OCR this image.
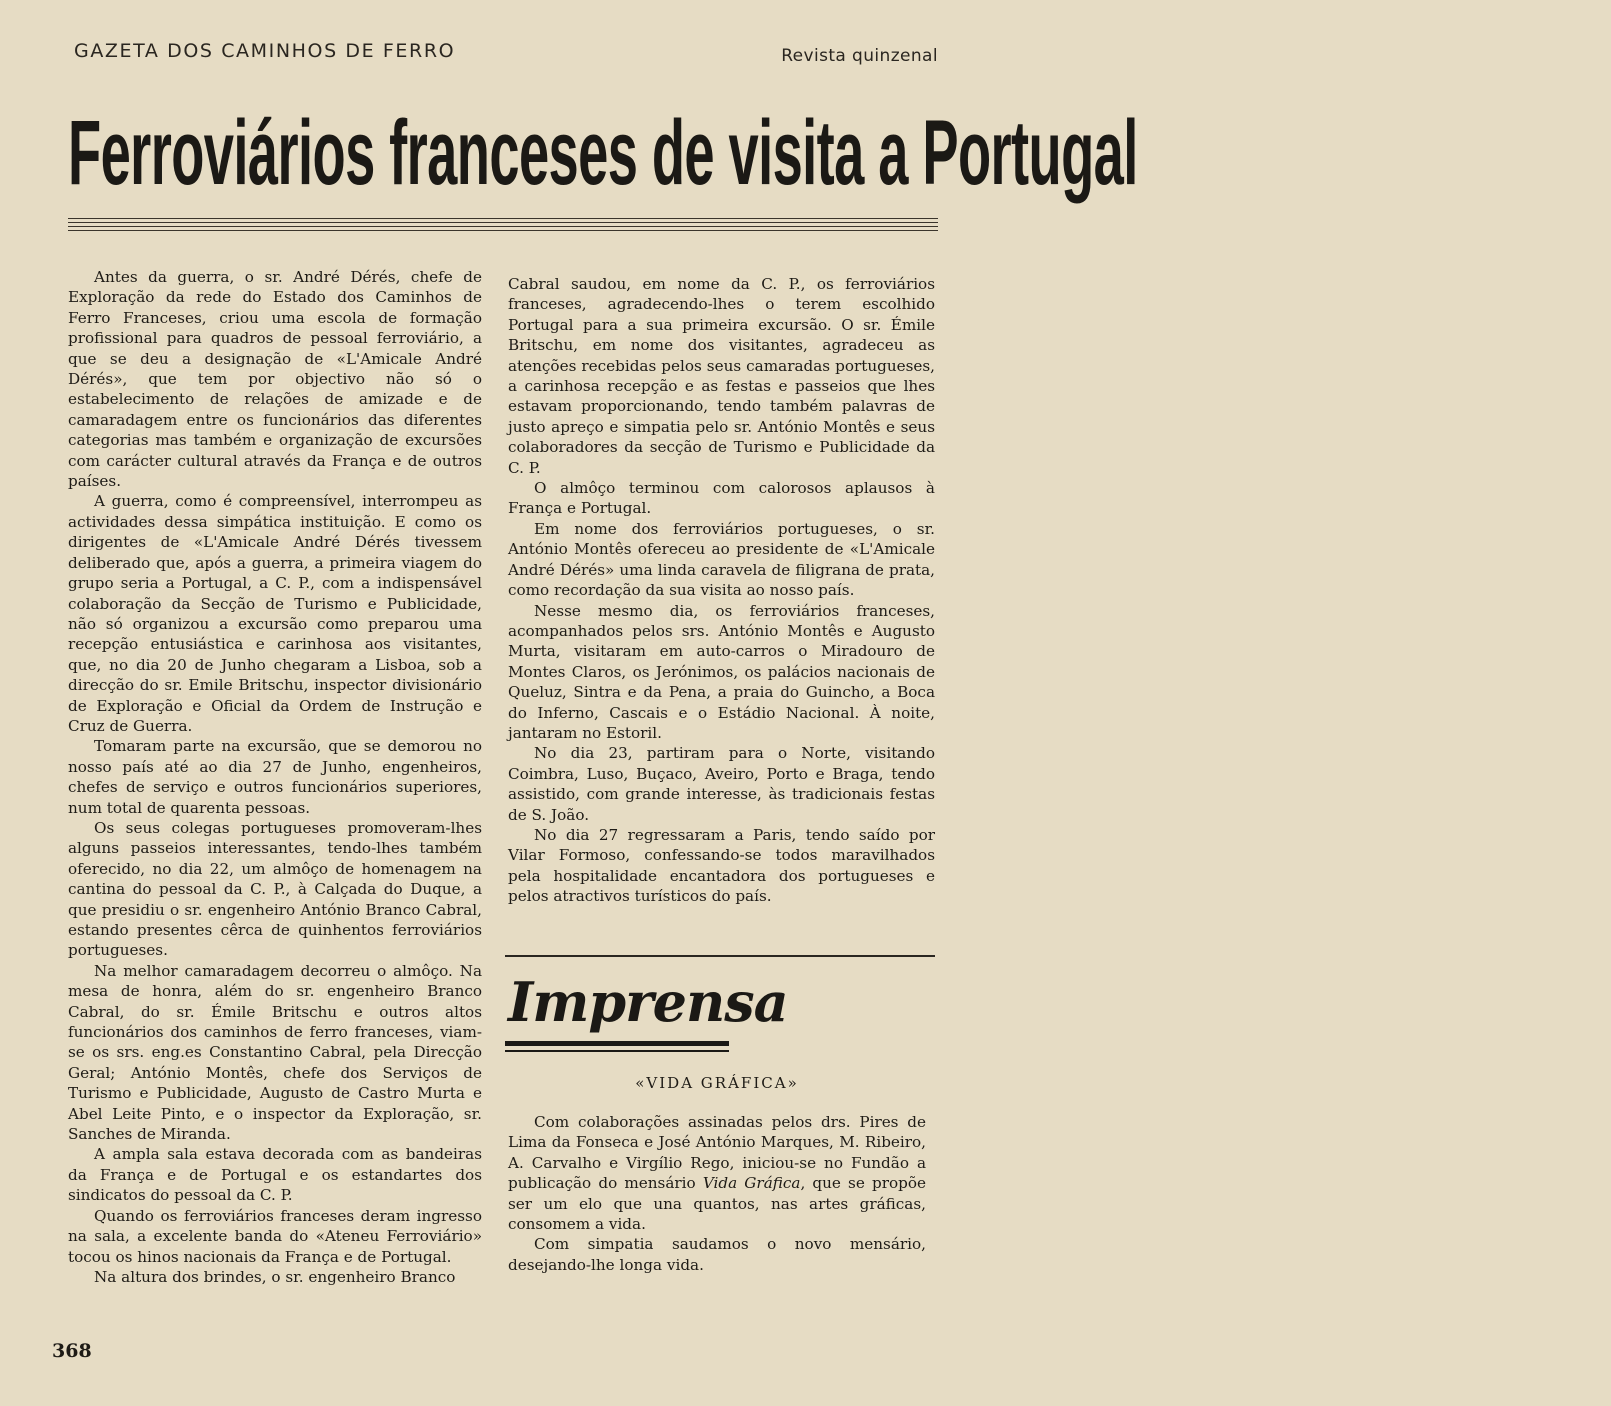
GAZETA DOS CAMINHOS DE FERRO	Revista quinzenal
Ferroviários franceses de visita a Portugal

Antes da guerra, o sr. André Dérés, chefe de Exploração da rede do Estado dos Caminhos de Ferro Franceses, criou uma escola de formação profissional para quadros de pessoal ferroviário, a que se deu a designação de «L'Amicale André Dérés», que tem por objectivo não só o estabelecimento de relações de amizade e de camaradagem entre os funcionários das diferentes categorias mas também e organização de excursões com carácter cultural através da França e de outros países.

A guerra, como é compreensível, interrompeu as actividades dessa simpática instituição. E como os dirigentes de «L'Amicale André Dérés tivessem deliberado que, após a guerra, a primeira viagem do grupo seria a Portugal, a C. P., com a indispensável colaboração da Secção de Turismo e Publicidade, não só organizou a excursão como preparou uma recepção entusiástica e carinhosa aos visitantes, que, no dia 20 de Junho chegaram a Lisboa, sob a direcção do sr. Emile Britschu, inspector divisionário de Exploração e Oficial da Ordem de Instrução e Cruz de Guerra.

Tomaram parte na excursão, que se demorou no nosso país até ao dia 27 de Junho, engenheiros, chefes de serviço e outros funcionários superiores, num total de quarenta pessoas.

Os seus colegas portugueses promoveram-lhes alguns passeios interessantes, tendo-lhes também oferecido, no dia 22, um almôço de homenagem na cantina do pessoal da C. P., à Calçada do Duque, a que presidiu o sr. engenheiro António Branco Cabral, estando presentes cêrca de quinhentos ferroviários portugueses.

Na melhor camaradagem decorreu o almôço. Na mesa de honra, além do sr. engenheiro Branco Cabral, do sr. Émile Britschu e outros altos funcionários dos caminhos de ferro franceses, viam-se os srs. eng.es Constantino Cabral, pela Direcção Geral; António Montês, chefe dos Serviços de Turismo e Publicidade, Augusto de Castro Murta e Abel Leite Pinto, e o inspector da Exploração, sr. Sanches de Miranda.

A ampla sala estava decorada com as bandeiras da França e de Portugal e os estandartes dos sindicatos do pessoal da C. P.

Quando os ferroviários franceses deram ingresso na sala, a excelente banda do «Ateneu Ferroviário» tocou os hinos nacionais da França e de Portugal.

Na altura dos brindes, o sr. engenheiro Branco

Cabral saudou, em nome da C. P., os ferroviários franceses, agradecendo-lhes o terem escolhido Portugal para a sua primeira excursão. O sr. Émile Britschu, em nome dos visitantes, agradeceu as atenções recebidas pelos seus camaradas portugueses, a carinhosa recepção e as festas e passeios que lhes estavam proporcionando, tendo também palavras de justo apreço e simpatia pelo sr. António Montês e seus colaboradores da secção de Turismo e Publicidade da C. P.

O almôço terminou com calorosos aplausos à França e Portugal.

Em nome dos ferroviários portugueses, o sr. António Montês ofereceu ao presidente de «L'Amicale André Dérés» uma linda caravela de filigrana de prata, como recordação da sua visita ao nosso país.

Nesse mesmo dia, os ferroviários franceses, acompanhados pelos srs. António Montês e Augusto Murta, visitaram em auto-carros o Miradouro de Montes Claros, os Jerónimos, os palácios nacionais de Queluz, Sintra e da Pena, a praia do Guincho, a Boca do Inferno, Cascais e o Estádio Nacional. À noite, jantaram no Estoril.

No dia 23, partiram para o Norte, visitando Coimbra, Luso, Buçaco, Aveiro, Porto e Braga, tendo assistido, com grande interesse, às tradicionais festas de S. João.

No dia 27 regressaram a Paris, tendo saído por Vilar Formoso, confessando-se todos maravilhados pela hospitalidade encantadora dos portugueses e pelos atractivos turísticos do país.

Imprensa
«VIDA GRÁFICA»

Com colaborações assinadas pelos drs. Pires de Lima da Fonseca e José António Marques, M. Ribeiro, A. Carvalho e Virgílio Rego, iniciou-se no Fundão a publicação do mensário Vida Gráfica, que se propõe ser um elo que una quantos, nas artes gráficas, consomem a vida.

Com simpatia saudamos o novo mensário, desejando-lhe longa vida.

368
